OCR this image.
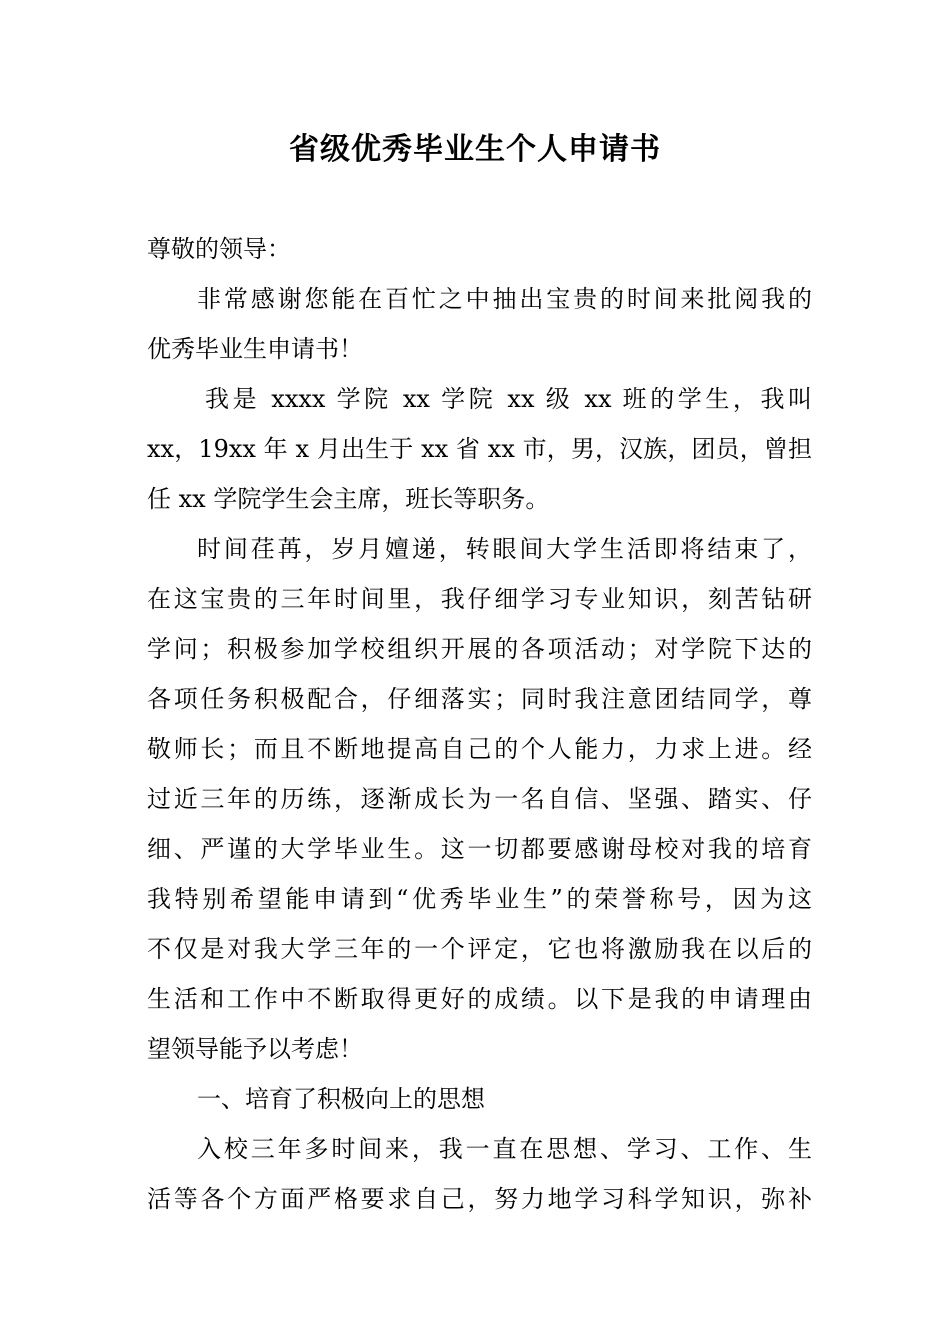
省级优秀毕业生个人申请书
尊敬的领导：
非常感谢您能在百忙之中抽出宝贵的时间来批阅我的
优秀毕业生申请书！
我是 xxxx 学院 xx 学院 xx 级 xx 班的学生，我叫
xx，19xx 年 x 月出生于 xx 省 xx 市，男，汉族，团员，曾担
任 xx 学院学生会主席，班长等职务。
时间荏苒，岁月嬗递，转眼间大学生活即将结束了，
在这宝贵的三年时间里，我仔细学习专业知识，刻苦钻研
学问；积极参加学校组织开展的各项活动；对学院下达的
各项任务积极配合，仔细落实；同时我注意团结同学，尊
敬师长；而且不断地提高自己的个人能力，力求上进。经
过近三年的历练，逐渐成长为一名自信、坚强、踏实、仔
细、严谨的大学毕业生。这一切都要感谢母校对我的培育
我特别希望能申请到“优秀毕业生”的荣誉称号，因为这
不仅是对我大学三年的一个评定，它也将激励我在以后的
生活和工作中不断取得更好的成绩。以下是我的申请理由
望领导能予以考虑！
一、培育了积极向上的思想
入校三年多时间来，我一直在思想、学习、工作、生
活等各个方面严格要求自己，努力地学习科学知识，弥补
